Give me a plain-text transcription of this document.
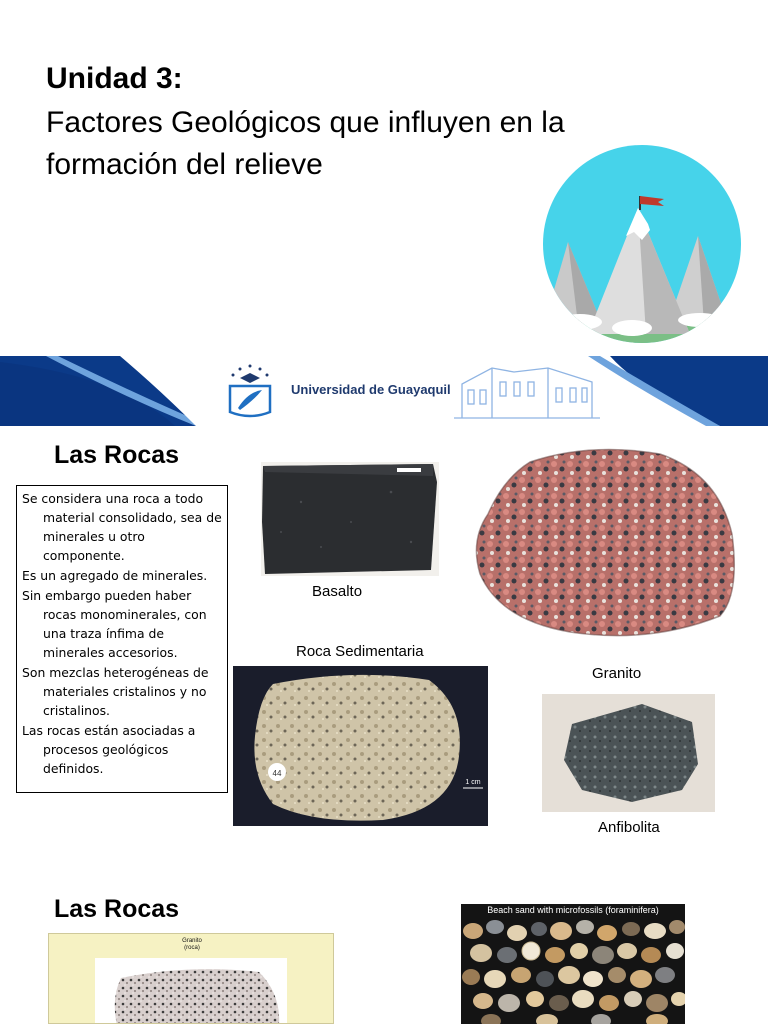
Unidad 3:
Factores Geológicos que influyen en la formación del relieve
Universidad de Guayaquil
Las Rocas
Se considera una roca a todo material consolidado, sea de minerales u otro componente.
Es un agregado de minerales.
Sin embargo pueden haber rocas monominerales, con una traza ínfima de minerales accesorios.
Son mezclas heterogéneas de materiales cristalinos y no cristalinos.
Las rocas están asociadas a procesos geológicos definidos.
Basalto
Granito
Roca Sedimentaria
44
1 cm
Anfibolita
Las Rocas
Granito
(roca)
Beach sand with microfossils (foraminifera)
